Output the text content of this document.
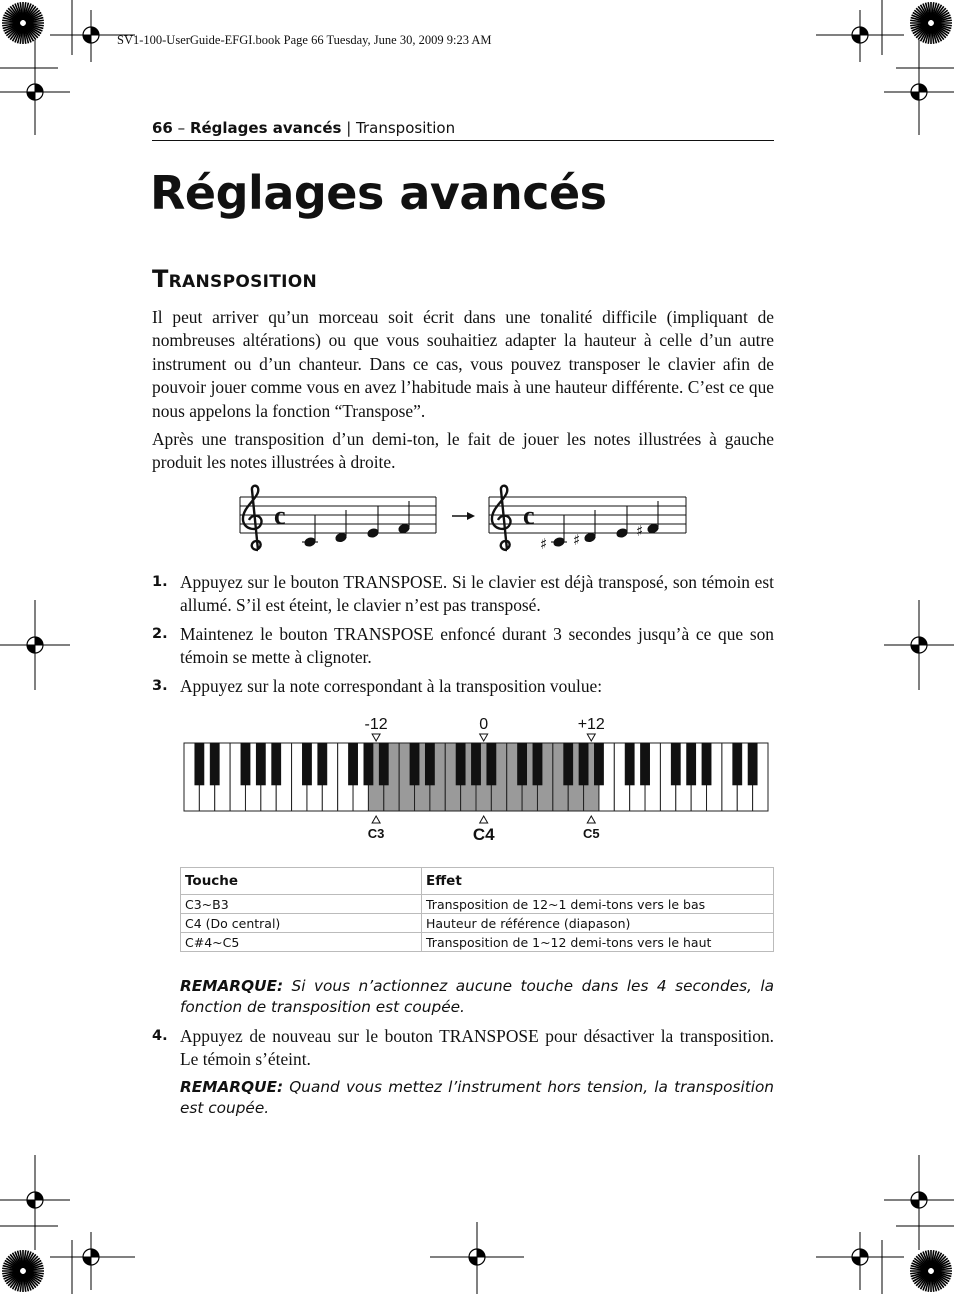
SV1-100-UserGuide-EFGI.book Page 66 Tuesday, June 30, 2009 9:23 AM
66 – Réglages avancés | Transposition
Réglages avancés
Transposition

Il peut arriver qu’un morceau soit écrit dans une tonalité difficile (impliquant de nombreuses altérations) ou que vous souhaitiez adapter la hauteur à celle d’un autre instrument ou d’un chanteur. Dans ce cas, vous pouvez transposer le clavier afin de pouvoir jouer comme vous en avez l’habitude mais à une hauteur différente. C’est ce que nous appelons la fonction “Transpose”.

Après une transposition d’un demi-ton, le fait de jouer les notes illustrées à gauche produit les notes illustrées à droite.

c	c
♯ ♯	♯
1. Appuyez sur le bouton TRANSPOSE. Si le clavier est déjà transposé, son témoin est allumé. S’il est éteint, le clavier n’est pas transposé.
2. Maintenez le bouton TRANSPOSE enfoncé durant 3 secondes jusqu’à ce que son témoin se mette à clignoter.
3. Appuyez sur la note correspondant à la transposition voulue:
-12
C3
0
C4
+12
C5
Touche	Effet
C3~B3	Transposition de 12~1 demi-tons vers le bas
C4 (Do central)	Hauteur de référence (diapason)
C#4~C5	Transposition de 1~12 demi-tons vers le haut

REMARQUE: Si vous n’actionnez aucune touche dans les 4 secondes, la fonction de transposition est coupée.

4. Appuyez de nouveau sur le bouton TRANSPOSE pour désactiver la transposition. Le témoin s’éteint.

REMARQUE: Quand vous mettez l’instrument hors tension, la transposition est coupée.
